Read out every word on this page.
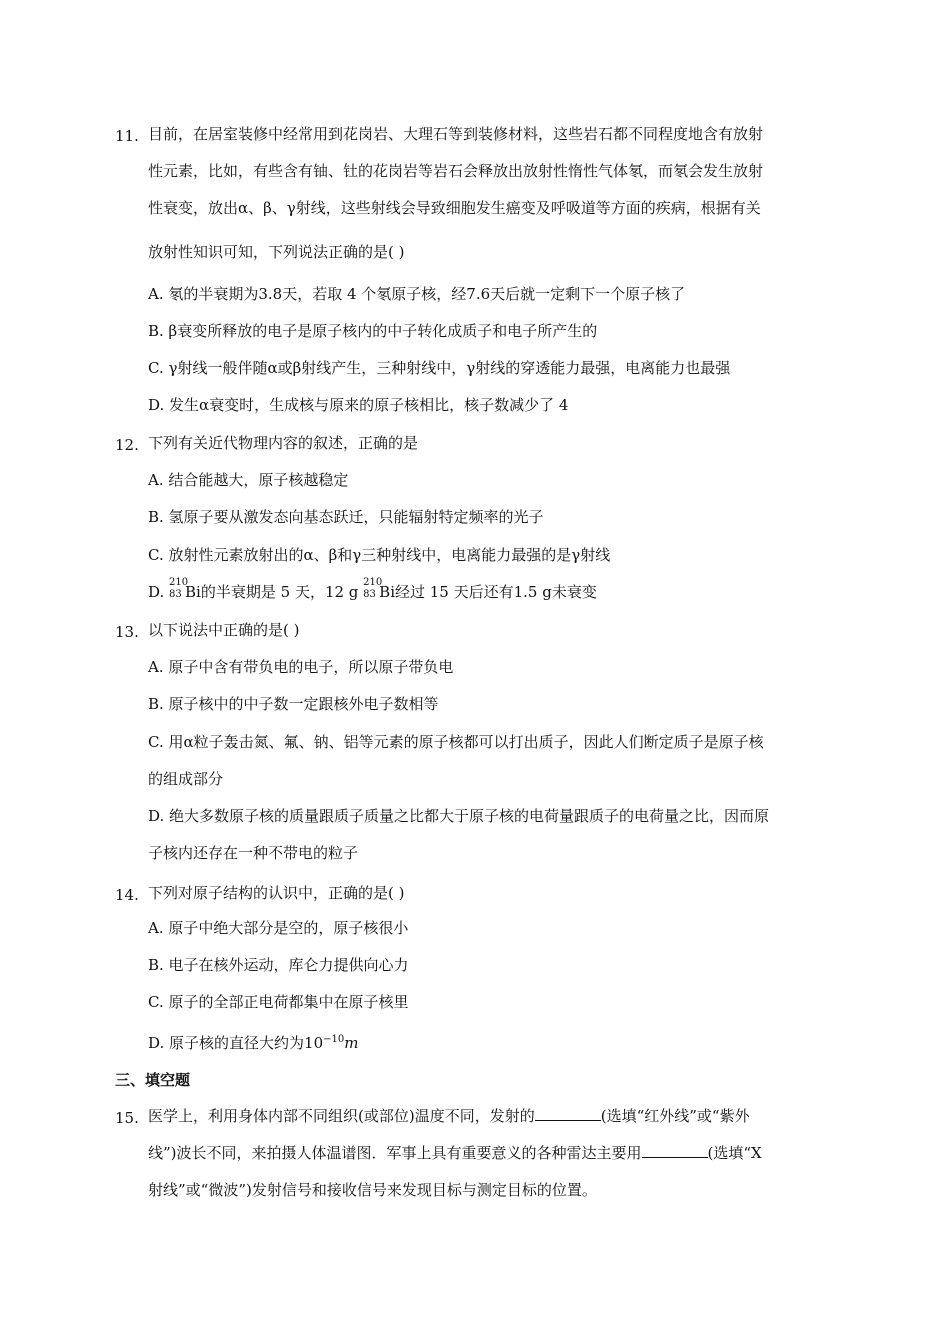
11. 目前，在居室装修中经常用到花岗岩、大理石等到装修材料，这些岩石都不同程度地含有放射
性元素，比如，有些含有铀、钍的花岗岩等岩石会释放出放射性惰性气体氡，而氡会发生放射
性衰变，放出α、β、γ射线，这些射线会导致细胞发生癌变及呼吸道等方面的疾病，根据有关
放射性知识可知，下列说法正确的是( )
A. 氡的半衰期为3.8天，若取 4 个氡原子核，经7.6天后就一定剩下一个原子核了
B. β衰变所释放的电子是原子核内的中子转化成质子和电子所产生的
C. γ射线一般伴随α或β射线产生，三种射线中，γ射线的穿透能力最强，电离能力也最强
D. 发生α衰变时，生成核与原来的原子核相比，核子数减少了 4
12. 下列有关近代物理内容的叙述，正确的是
A. 结合能越大，原子核越稳定
B. 氢原子要从激发态向基态跃迁，只能辐射特定频率的光子
C. 放射性元素放射出的α、β和γ三种射线中，电离能力最强的是γ射线
D.
210
83 Bi的半衰期是 5 天，12 g
210
83 Bi经过 15 天后还有1.5 g未衰变
13. 以下说法中正确的是( )
A. 原子中含有带负电的电子，所以原子带负电
B. 原子核中的中子数一定跟核外电子数相等
C. 用α粒子轰击氮、氟、钠、铝等元素的原子核都可以打出质子，因此人们断定质子是原子核
的组成部分
D. 绝大多数原子核的质量跟质子质量之比都大于原子核的电荷量跟质子的电荷量之比，因而原
子核内还存在一种不带电的粒子
14. 下列对原子结构的认识中，正确的是( )
A. 原子中绝大部分是空的，原子核很小
B. 电子在核外运动，库仑力提供向心力
C. 原子的全部正电荷都集中在原子核里
D. 原子核的直径大约为$10^{-10}m$
三、填空题
15. 医学上，利用身体内部不同组织(或部位)温度不同，发射的	(选填“红外线”或“紫外
线”)波长不同，来拍摄人体温谱图．军事上具有重要意义的各种雷达主要用	(选填“X
射线”或“微波”)发射信号和接收信号来发现目标与测定目标的位置。
